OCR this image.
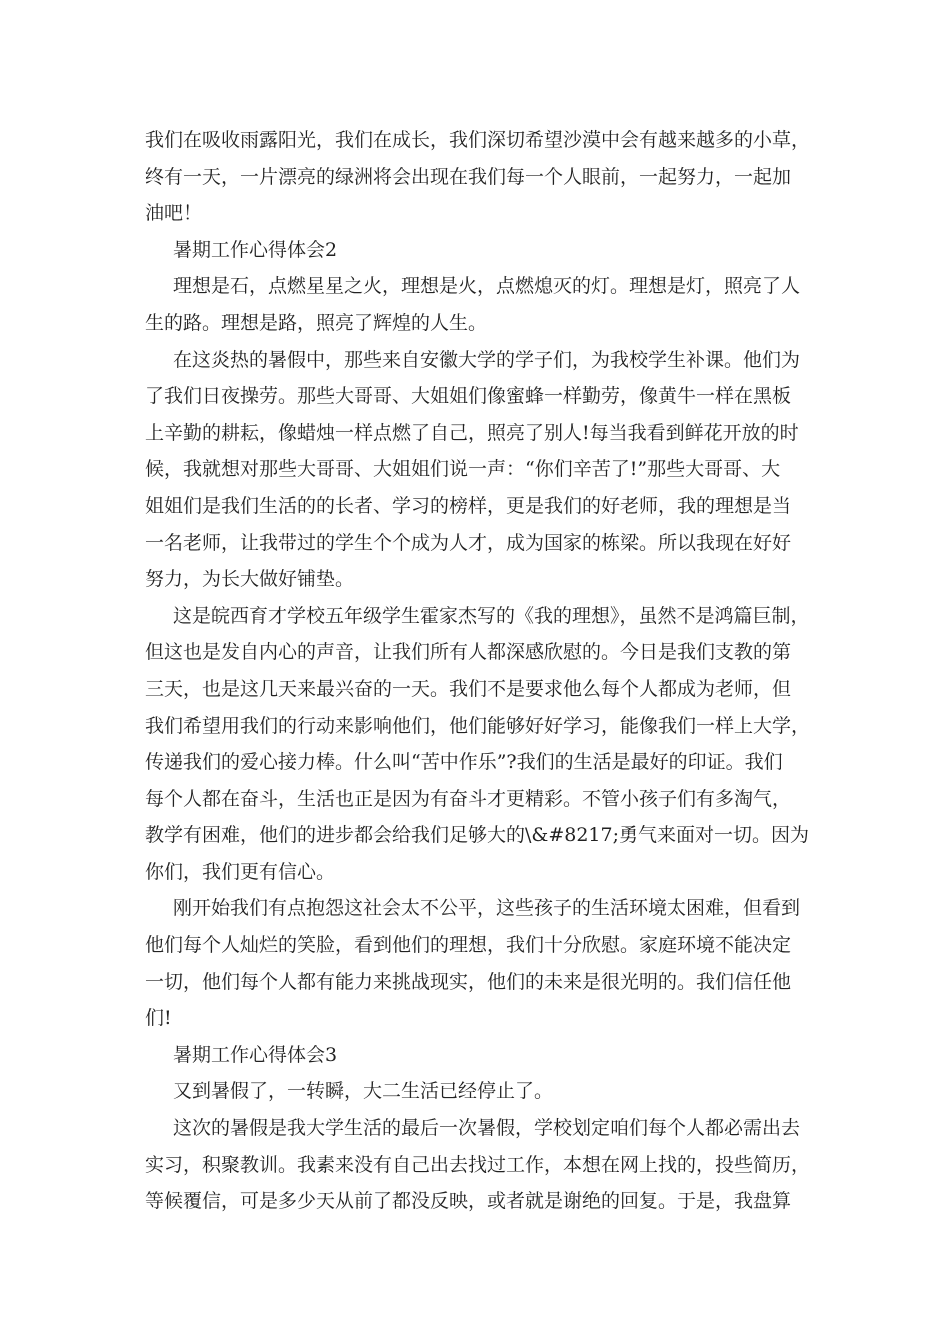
我们在吸收雨露阳光，我们在成长，我们深切希望沙漠中会有越来越多的小草，
终有一天，一片漂亮的绿洲将会出现在我们每一个人眼前，一起努力，一起加
油吧！
暑期工作心得体会2
理想是石，点燃星星之火，理想是火，点燃熄灭的灯。理想是灯，照亮了人
生的路。理想是路，照亮了辉煌的人生。
在这炎热的暑假中，那些来自安徽大学的学子们，为我校学生补课。他们为
了我们日夜操劳。那些大哥哥、大姐姐们像蜜蜂一样勤劳，像黄牛一样在黑板
上辛勤的耕耘，像蜡烛一样点燃了自己，照亮了别人!每当我看到鲜花开放的时
候，我就想对那些大哥哥、大姐姐们说一声：“你们辛苦了!”那些大哥哥、大
姐姐们是我们生活的的长者、学习的榜样，更是我们的好老师，我的理想是当
一名老师，让我带过的学生个个成为人才，成为国家的栋梁。所以我现在好好
努力，为长大做好铺垫。
这是皖西育才学校五年级学生霍家杰写的《我的理想》，虽然不是鸿篇巨制，
但这也是发自内心的声音，让我们所有人都深感欣慰的。今日是我们支教的第
三天，也是这几天来最兴奋的一天。我们不是要求他么每个人都成为老师，但
我们希望用我们的行动来影响他们，他们能够好好学习，能像我们一样上大学，
传递我们的爱心接力棒。什么叫“苦中作乐”?我们的生活是最好的印证。我们
每个人都在奋斗，生活也正是因为有奋斗才更精彩。不管小孩子们有多淘气，
教学有困难，他们的进步都会给我们足够大的\&#8217;勇气来面对一切。因为
你们，我们更有信心。
刚开始我们有点抱怨这社会太不公平，这些孩子的生活环境太困难，但看到
他们每个人灿烂的笑脸，看到他们的理想，我们十分欣慰。家庭环境不能决定
一切，他们每个人都有能力来挑战现实，他们的未来是很光明的。我们信任他
们!
暑期工作心得体会3
又到暑假了，一转瞬，大二生活已经停止了。
这次的暑假是我大学生活的最后一次暑假，学校划定咱们每个人都必需出去
实习，积聚教训。我素来没有自己出去找过工作，本想在网上找的，投些简历，
等候覆信，可是多少天从前了都没反映，或者就是谢绝的回复。于是，我盘算
